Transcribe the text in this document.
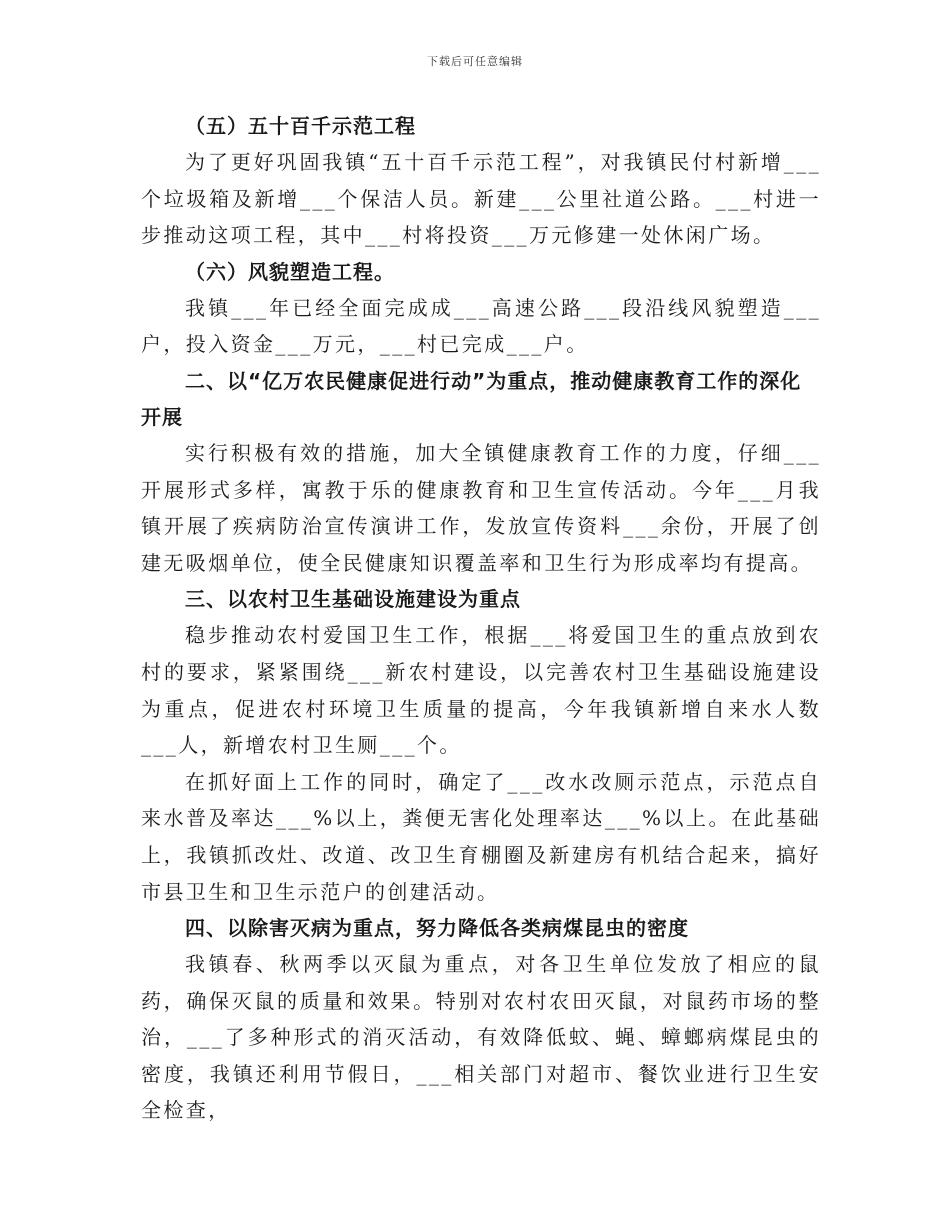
下载后可任意编辑

（五）五十百千示范工程

为了更好巩固我镇“五十百千示范工程”，对我镇民付村新增___个垃圾箱及新增___个保洁人员。新建___公里社道公路。___村进一步推动这项工程，其中___村将投资___万元修建一处休闲广场。

（六）风貌塑造工程。

我镇___年已经全面完成成___高速公路___段沿线风貌塑造___户，投入资金___万元，___村已完成___户。

二、以“亿万农民健康促进行动”为重点，推动健康教育工作的深化开展

实行积极有效的措施，加大全镇健康教育工作的力度，仔细___开展形式多样，寓教于乐的健康教育和卫生宣传活动。今年___月我镇开展了疾病防治宣传演讲工作，发放宣传资料___余份，开展了创建无吸烟单位，使全民健康知识覆盖率和卫生行为形成率均有提高。

三、以农村卫生基础设施建设为重点

稳步推动农村爱国卫生工作，根据___将爱国卫生的重点放到农村的要求，紧紧围绕___新农村建设，以完善农村卫生基础设施建设为重点，促进农村环境卫生质量的提高，今年我镇新增自来水人数___人，新增农村卫生厕___个。

在抓好面上工作的同时，确定了___改水改厕示范点，示范点自来水普及率达___%以上，粪便无害化处理率达___%以上。在此基础上，我镇抓改灶、改道、改卫生育棚圈及新建房有机结合起来，搞好市县卫生和卫生示范户的创建活动。

四、以除害灭病为重点，努力降低各类病煤昆虫的密度

我镇春、秋两季以灭鼠为重点，对各卫生单位发放了相应的鼠药，确保灭鼠的质量和效果。特别对农村农田灭鼠，对鼠药市场的整治，___了多种形式的消灭活动，有效降低蚊、蝇、蟑螂病煤昆虫的密度，我镇还利用节假日，___相关部门对超市、餐饮业进行卫生安全检查，
